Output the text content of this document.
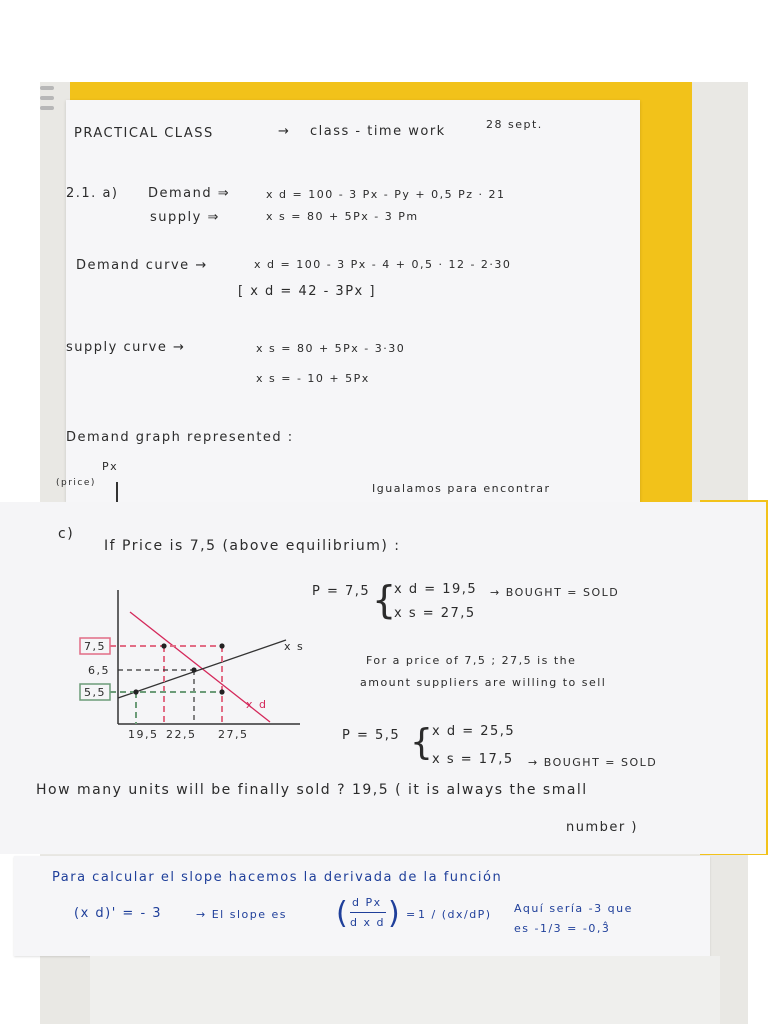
PRACTICAL CLASS	→ class - time work	28 sept.
2.1. a) Demand ⇒	x d = 100 - 3 Px - Py + 0,5 Pz · 21
supply ⇒	x s = 80 + 5Px - 3 Pm
Demand curve →	x d = 100 - 3 Px - 4 + 0,5 · 12 - 2·30
[ x d = 42 - 3Px ]
supply curve →	x s = 80 + 5Px - 3·30
x s = - 10 + 5Px
Demand graph represented :
Px
(price)	Igualamos para encontrar
c)
If Price is 7,5 (above equilibrium) :
P = 7,5 {
x d = 19,5 → BOUGHT = SOLD
x s = 27,5
For a price of 7,5 ; 27,5 is the
amount suppliers are willing to sell
P = 5,5 { x d = 25,5
x s = 17,5 → BOUGHT = SOLD
7,5
6,5
5,5
19,5 22,5 27,5
x s
x d
How many units will be finally sold ? 19,5 ( it is always the small
number )
Para calcular el slope hacemos la derivada de la función
(x d)' = - 3	→ El slope es ( d Px
d x d ) = 1 / (dx/dP) Aquí sería -3 que
es -1/3 = -0,3̂
